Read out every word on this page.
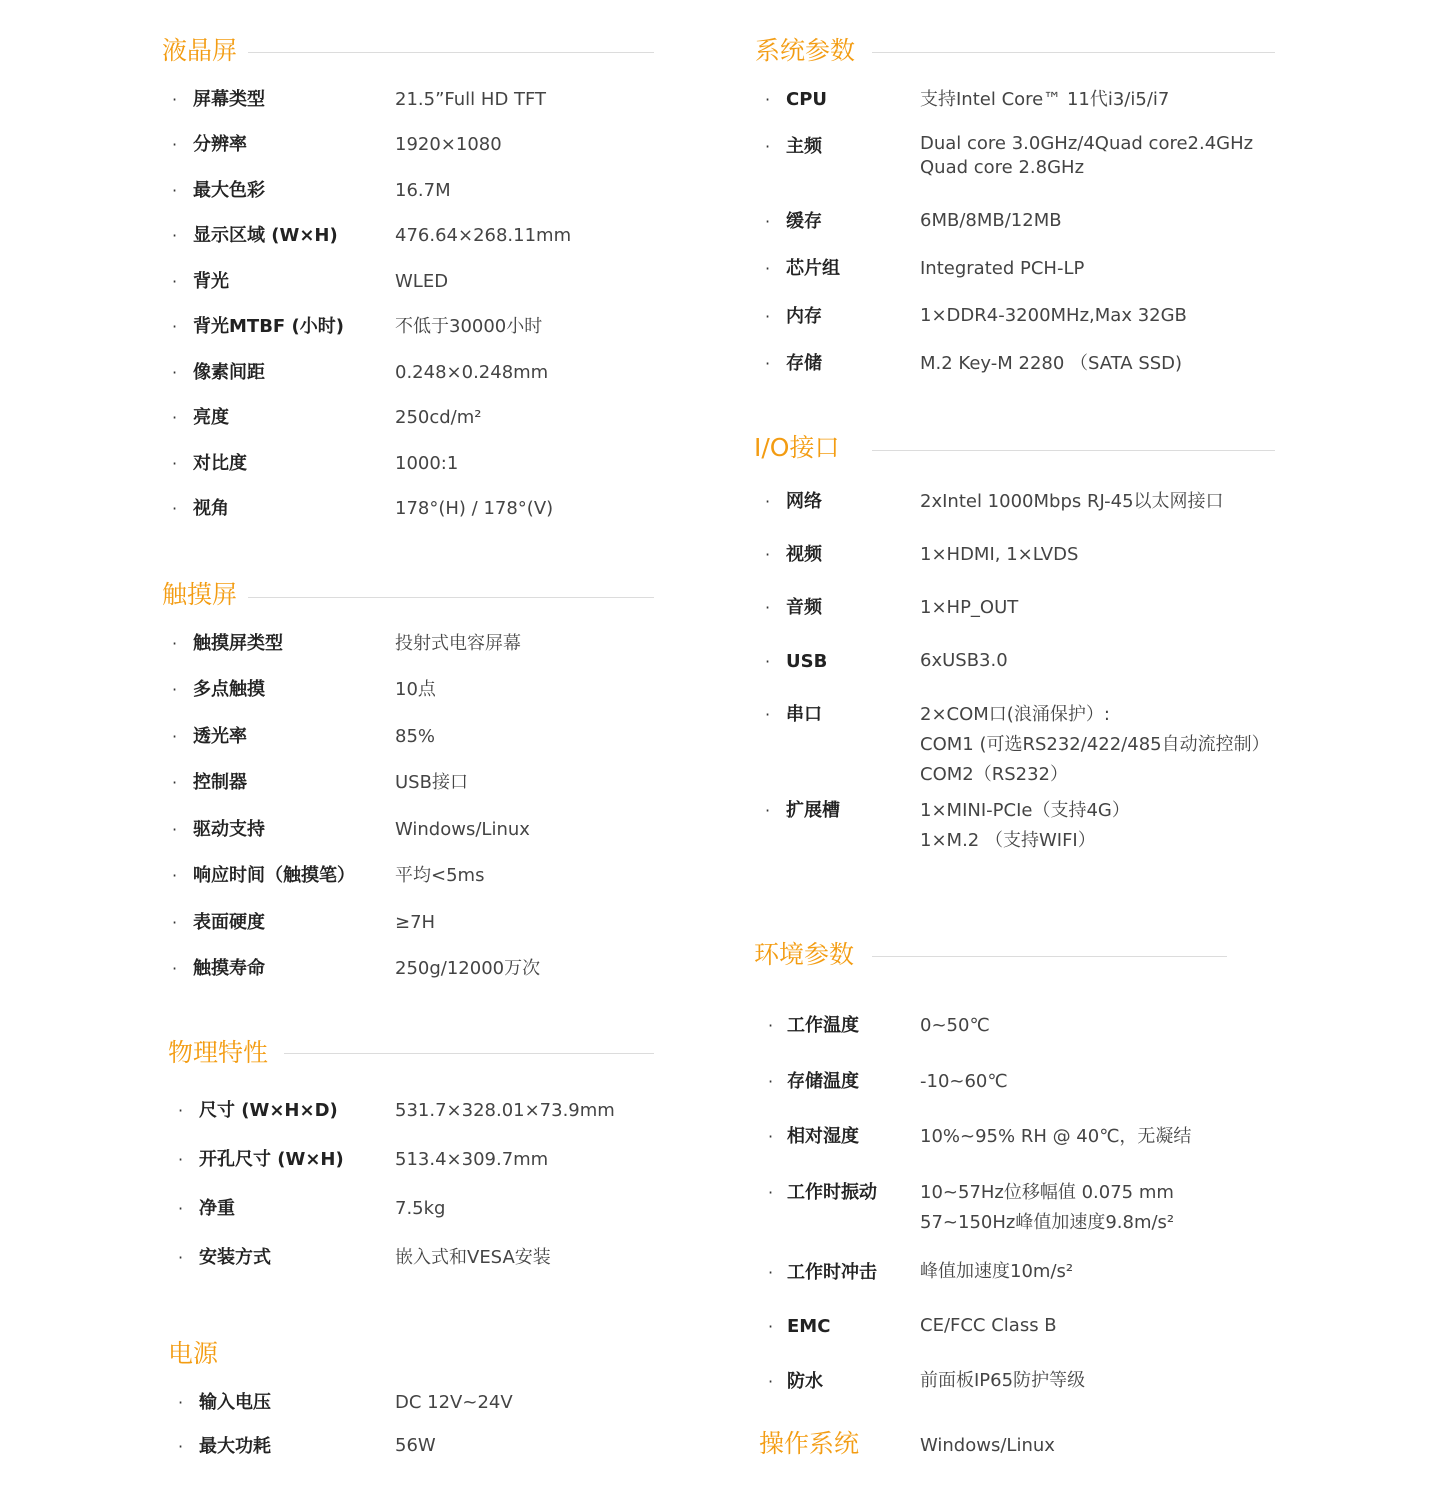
液晶屏
· 屏幕类型	21.5”Full HD TFT
· 分辨率	1920×1080
· 最大色彩	16.7M
· 显示区域 (W×H)	476.64×268.11mm
· 背光	WLED
· 背光MTBF (小时)	不低于30000小时
· 像素间距	0.248×0.248mm
· 亮度	250cd/m²
· 对比度	1000:1
· 视角	178°(H) / 178°(V)
触摸屏
· 触摸屏类型	投射式电容屏幕
· 多点触摸	10点
· 透光率	85%
· 控制器	USB接口
· 驱动支持	Windows/Linux
· 响应时间（触摸笔） 平均<5ms
· 表面硬度	≥7H
· 触摸寿命	250g/12000万次
物理特性
· 尺寸 (W×H×D)	531.7×328.01×73.9mm
· 开孔尺寸 (W×H)	513.4×309.7mm
· 净重	7.5kg
· 安装方式	嵌入式和VESA安装
电源
· 输入电压	DC 12V~24V
· 最大功耗	56W
系统参数
· CPU	支持Intel Core™ 11代i3/i5/i7
· 主频	Dual core 3.0GHz/4Quad core2.4GHz
Quad core 2.8GHz
· 缓存	6MB/8MB/12MB
· 芯片组	Integrated PCH-LP
· 内存	1×DDR4-3200MHz,Max 32GB
· 存储	M.2 Key-M 2280 （SATA SSD)
I/O接口
· 网络	2xIntel 1000Mbps RJ-45以太网接口
· 视频	1×HDMI, 1×LVDS
· 音频	1×HP_OUT
· USB	6xUSB3.0
· 串口	2×COM口(浪涌保护）:
COM1 (可选RS232/422/485自动流控制）
COM2（RS232）
· 扩展槽	1×MINI-PCIe（支持4G）
1×M.2 （支持WIFI）
环境参数
· 工作温度	0~50℃
· 存储温度	-10~60℃
· 相对湿度	10%~95% RH @ 40℃，无凝结
· 工作时振动 10~57Hz位移幅值 0.075 mm
57~150Hz峰值加速度9.8m/s²
· 工作时冲击 峰值加速度10m/s²
· EMC	CE/FCC Class B
· 防水	前面板IP65防护等级
操作系统	Windows/Linux
